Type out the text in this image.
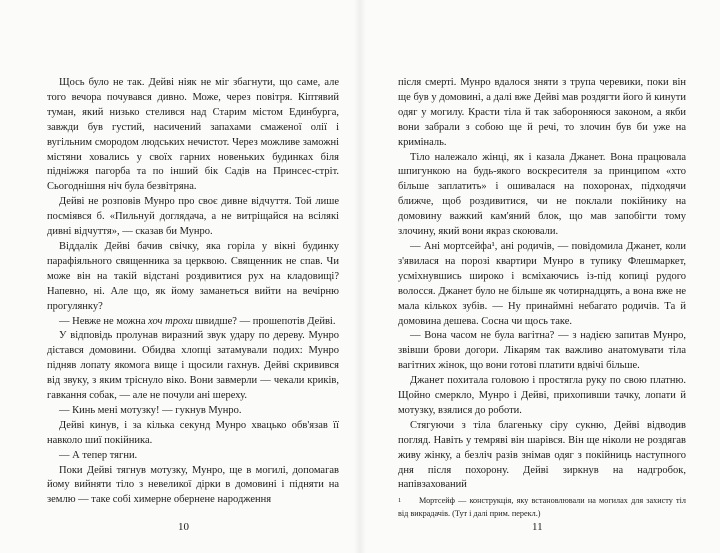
Щось було не так. Дейві ніяк не міг збагнути, що саме, але того вечора почувався дивно. Може, через повітря. Кіптявий туман, який низько стелився над Старим містом Единбурга, завжди був густий, насичений запахами смаженої олії і вугільним смородом людських нечистот. Через можливе заможні містяни ховались у своїх гарних новеньких будинках біля підніжжя пагорба та по інший бік Садів на Принсес-стріт. Сьогоднішня ніч була безвітряна.

Дейві не розповів Мунро про своє дивне відчуття. Той лише посміявся б. «Пильнуй доглядача, а не витріщайся на всілякі дивні відчуття», — сказав би Мунро.

Віддалік Дейві бачив свічку, яка горіла у вікні будинку парафіяльного священника за церквою. Священник не спав. Чи може він на такій відстані роздивитися рух на кладовищі? Напевно, ні. Але що, як йому заманеться вийти на вечірню прогулянку?

— Невже не можна хоч трохи швидше? — прошепотів Дейві.

У відповідь пролунав виразний звук удару по дереву. Мунро дістався домовини. Обидва хлопці затамували подих: Мунро підняв лопату якомога вище і щосили гахнув. Дейві скривився від звуку, з яким тріснуло віко. Вони завмерли — чекали криків, гавкання собак, — але не почули ані шереху.

— Кинь мені мотузку! — гукнув Мунро.

Дейві кинув, і за кілька секунд Мунро хвацько обв'язав її навколо шиї покійника.

— А тепер тягни.

Поки Дейві тягнув мотузку, Мунро, ще в могилі, допомагав йому вийняти тіло з невеликої дірки в домовині і підняти на землю — таке собі химерне обернене народження

після смерті. Мунро вдалося зняти з трупа черевики, поки він ще був у домовині, а далі вже Дейві мав роздягти його й кинути одяг у могилу. Красти тіла й так забороняюся законом, а якби вони забрали з собою ще й речі, то злочин був би уже на криміналь.

Тіло належало жінці, як і казала Джанет. Вона працювала шпигункою на будь-якого воскресителя за принципом «хто більше заплатить» і ошивалася на похоронах, підходячи ближче, щоб роздивитися, чи не поклали покійнику на домовину важкий кам'яний блок, що мав запобігти тому злочину, який вони якраз скоювали.

— Ані мортсейфа¹, ані родичів, — повідомила Джанет, коли з'явилася на порозі квартири Мунро в тупику Флешмаркет, усміхнувшись широко і всміхаючись із-під копиці рудого волосся. Джанет було не більше як чотирнадцять, а вона вже не мала кількох зубів. — Ну принаймні небагато родичів. Та й домовина дешева. Сосна чи щось таке.

— Вона часом не була вагітна? — з надією запитав Мунро, звівши брови догори. Лікарям так важливо анатомувати тіла вагітних жінок, що вони готові платити вдвічі більше.

Джанет похитала головою і простягла руку по свою платню. Щойно смеркло, Мунро і Дейві, прихопивши тачку, лопати й мотузку, взялися до роботи.

Стягуючи з тіла благеньку сіру сукню, Дейві відводив погляд. Навіть у темряві він шарівся. Він ще ніколи не роздягав живу жінку, а безліч разів знімав одяг з покійниць наступного дня після похорону. Дейві зиркнув на надгробок, напівзахований

1 Мортсейф — конструкція, яку встановлювали на могилах для захисту тіл від викрадачів. (Тут і далі прим. перекл.)

10	11
